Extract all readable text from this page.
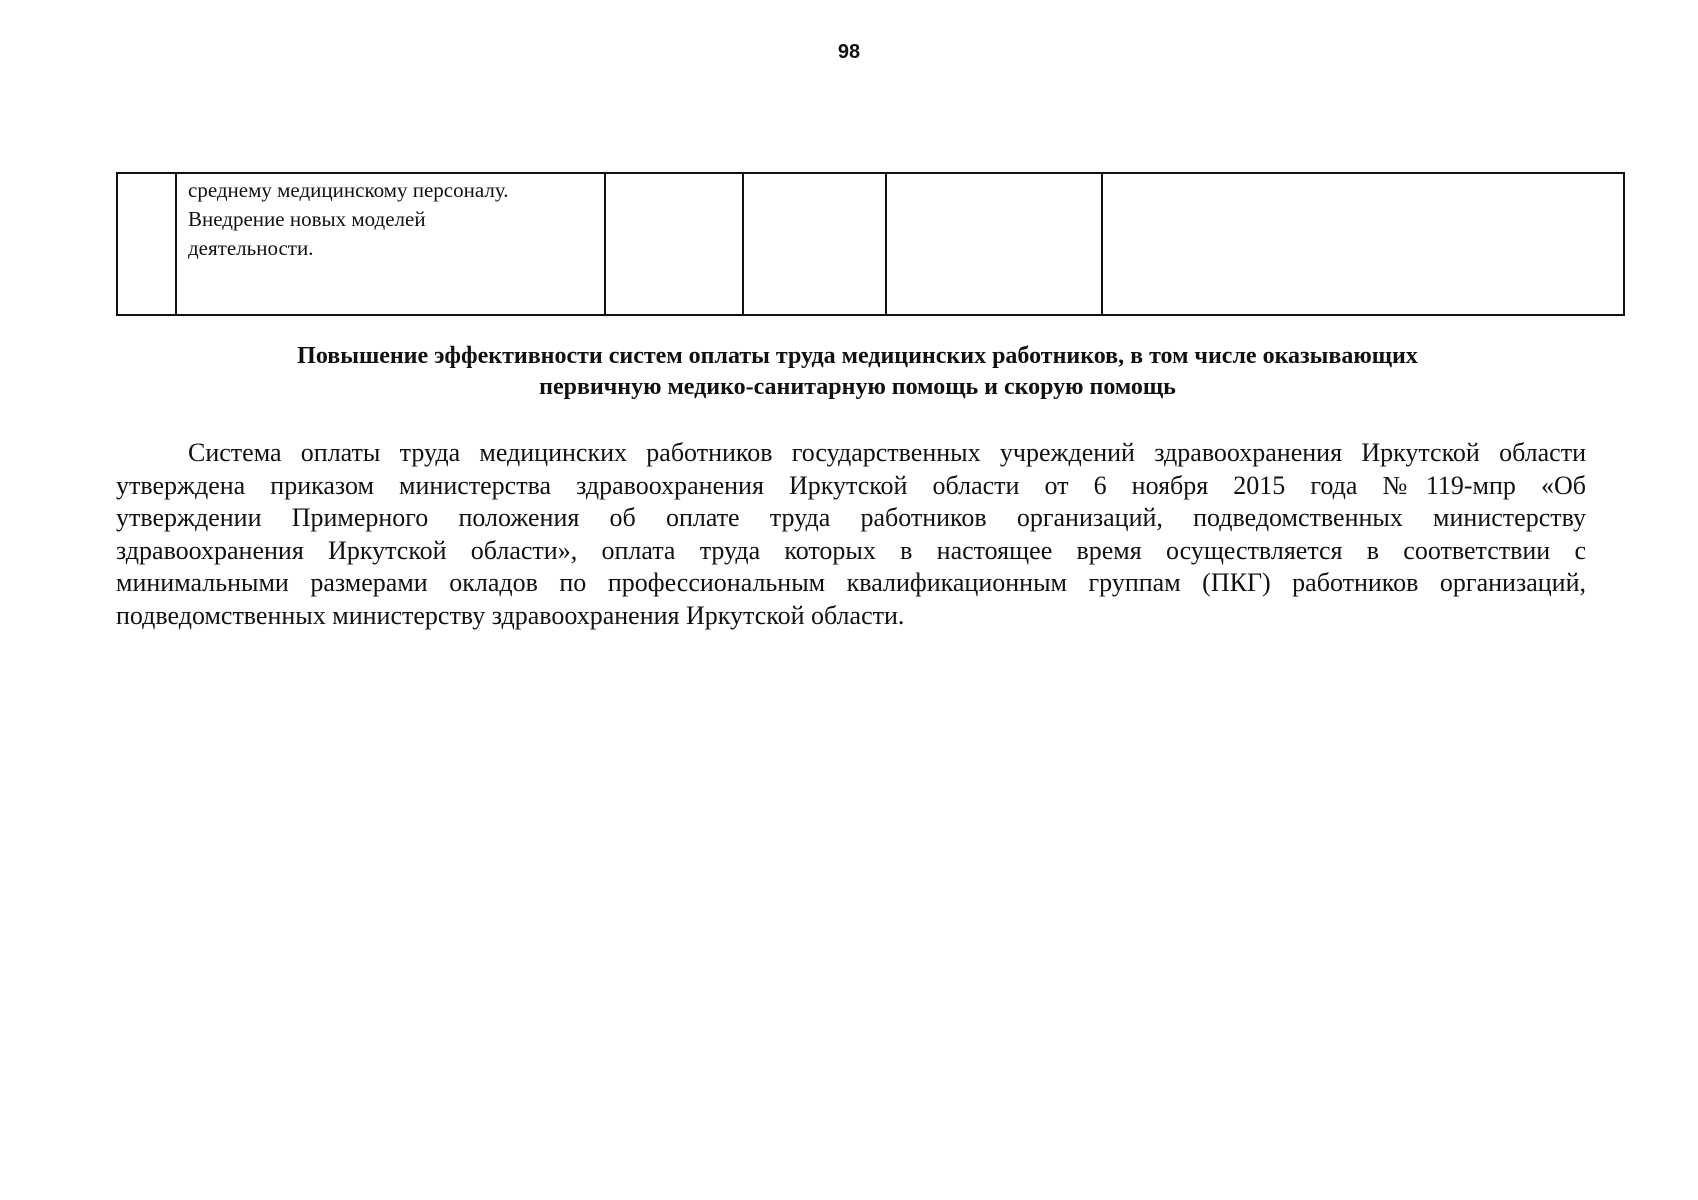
98

среднему медицинскому персоналу.
Внедрение новых моделей
деятельности.

Повышение эффективности систем оплаты труда медицинских работников, в том числе оказывающих
первичную медико-санитарную помощь и скорую помощь
Система оплаты труда медицинских работников государственных учреждений здравоохранения Иркутской области
утверждена приказом министерства здравоохранения Иркутской области от 6 ноября 2015 года №119-мпр «Об
утверждении Примерного положения об оплате труда работников организаций, подведомственных министерству
здравоохранения Иркутской области», оплата труда которых в настоящее время осуществляется в соответствии с
минимальными размерами окладов по профессиональным квалификационным группам (ПКГ) работников организаций,
подведомственных министерству здравоохранения Иркутской области.
